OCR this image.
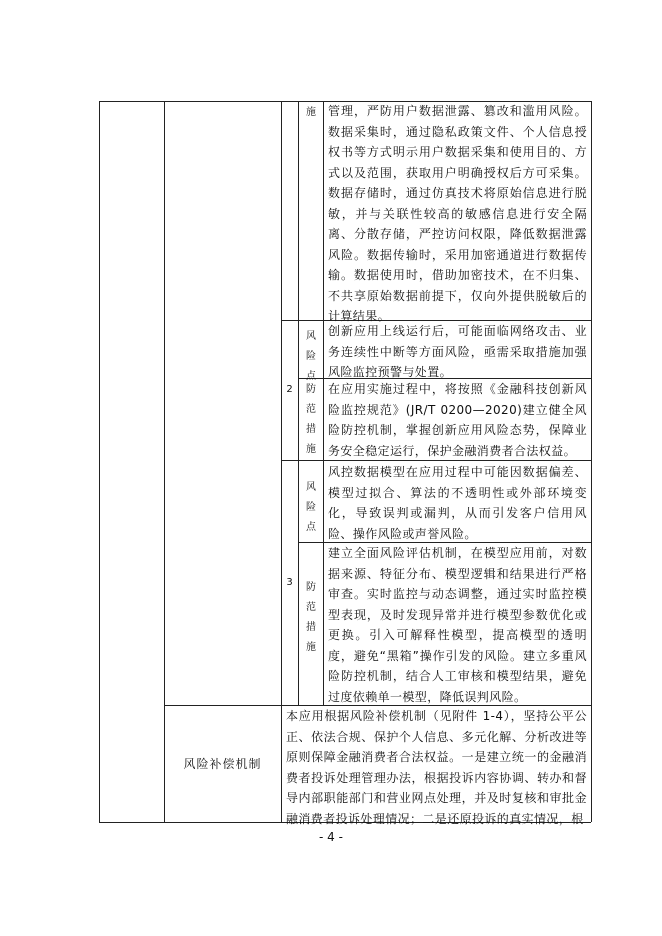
施	管理，严防用户数据泄露、篡改和滥用风险。数据采集时，通过隐私政策文件、个人信息授权书等方式明示用户数据采集和使用目的、方式以及范围，获取用户明确授权后方可采集。数据存储时，通过仿真技术将原始信息进行脱敏，并与关联性较高的敏感信息进行安全隔离、分散存储，严控访问权限，降低数据泄露风险。数据传输时，采用加密通道进行数据传输。数据使用时，借助加密技术，在不归集、不共享原始数据前提下，仅向外提供脱敏后的计算结果。
2
风
险
点
创新应用上线运行后，可能面临网络攻击、业务连续性中断等方面风险，亟需采取措施加强风险监控预警与处置。
防
范
措
施
在应用实施过程中，将按照《金融科技创新风险监控规范》(JR/T 0200—2020)建立健全风险防控机制，掌握创新应用风险态势，保障业务安全稳定运行，保护金融消费者合法权益。
3
风
险
点
风控数据模型在应用过程中可能因数据偏差、模型过拟合、算法的不透明性或外部环境变化，导致误判或漏判，从而引发客户信用风险、操作风险或声誉风险。
防
范
措
施
建立全面风险评估机制，在模型应用前，对数据来源、特征分布、模型逻辑和结果进行严格审查。实时监控与动态调整，通过实时监控模型表现，及时发现异常并进行模型参数优化或更换。引入可解释性模型，提高模型的透明度，避免“黑箱”操作引发的风险。建立多重风险防控机制，结合人工审核和模型结果，避免过度依赖单一模型，降低误判风险。
风险补偿机制
本应用根据风险补偿机制（见附件 1-4），坚持公平公正、依法合规、保护个人信息、多元化解、分析改进等原则保障金融消费者合法权益。一是建立统一的金融消费者投诉处理管理办法，根据投诉内容协调、转办和督导内部职能部门和营业网点处理，并及时复核和审批金融消费者投诉处理情况；二是还原投诉的真实情况，根
- 4 -
